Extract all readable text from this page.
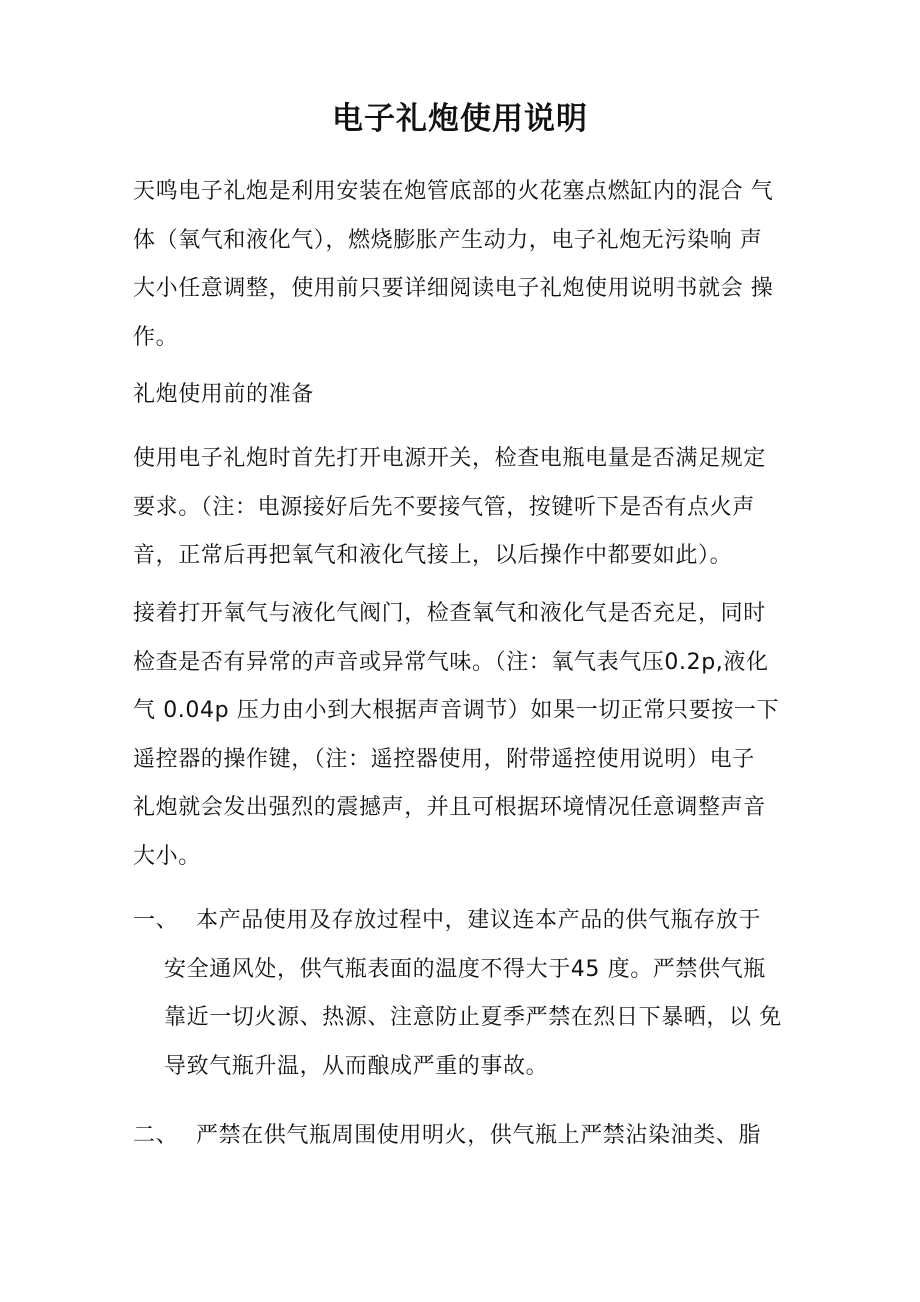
电子礼炮使用说明

天鸣电子礼炮是利用安装在炮管底部的火花塞点燃缸内的混合 气
体（氧气和液化气），燃烧膨胀产生动力，电子礼炮无污染响 声
大小任意调整，使用前只要详细阅读电子礼炮使用说明书就会 操
作。

礼炮使用前的准备

使用电子礼炮时首先打开电源开关，检查电瓶电量是否满足规定
要求。（注：电源接好后先不要接气管，按键听下是否有点火声
音，正常后再把氧气和液化气接上，以后操作中都要如此）。

接着打开氧气与液化气阀门，检查氧气和液化气是否充足，同时
检查是否有异常的声音或异常气味。（注：氧气表气压0.2p,液化
气 0.04p 压力由小到大根据声音调节）如果一切正常只要按一下
遥控器的操作键，（注：遥控器使用，附带遥控使用说明）电子
礼炮就会发出强烈的震撼声，并且可根据环境情况任意调整声音
大小。

一、 本产品使用及存放过程中，建议连本产品的供气瓶存放于
安全通风处，供气瓶表面的温度不得大于45 度。严禁供气瓶
靠近一切火源、热源、注意防止夏季严禁在烈日下暴晒，以 免
导致气瓶升温，从而酿成严重的事故。
二、 严禁在供气瓶周围使用明火，供气瓶上严禁沾染油类、脂
